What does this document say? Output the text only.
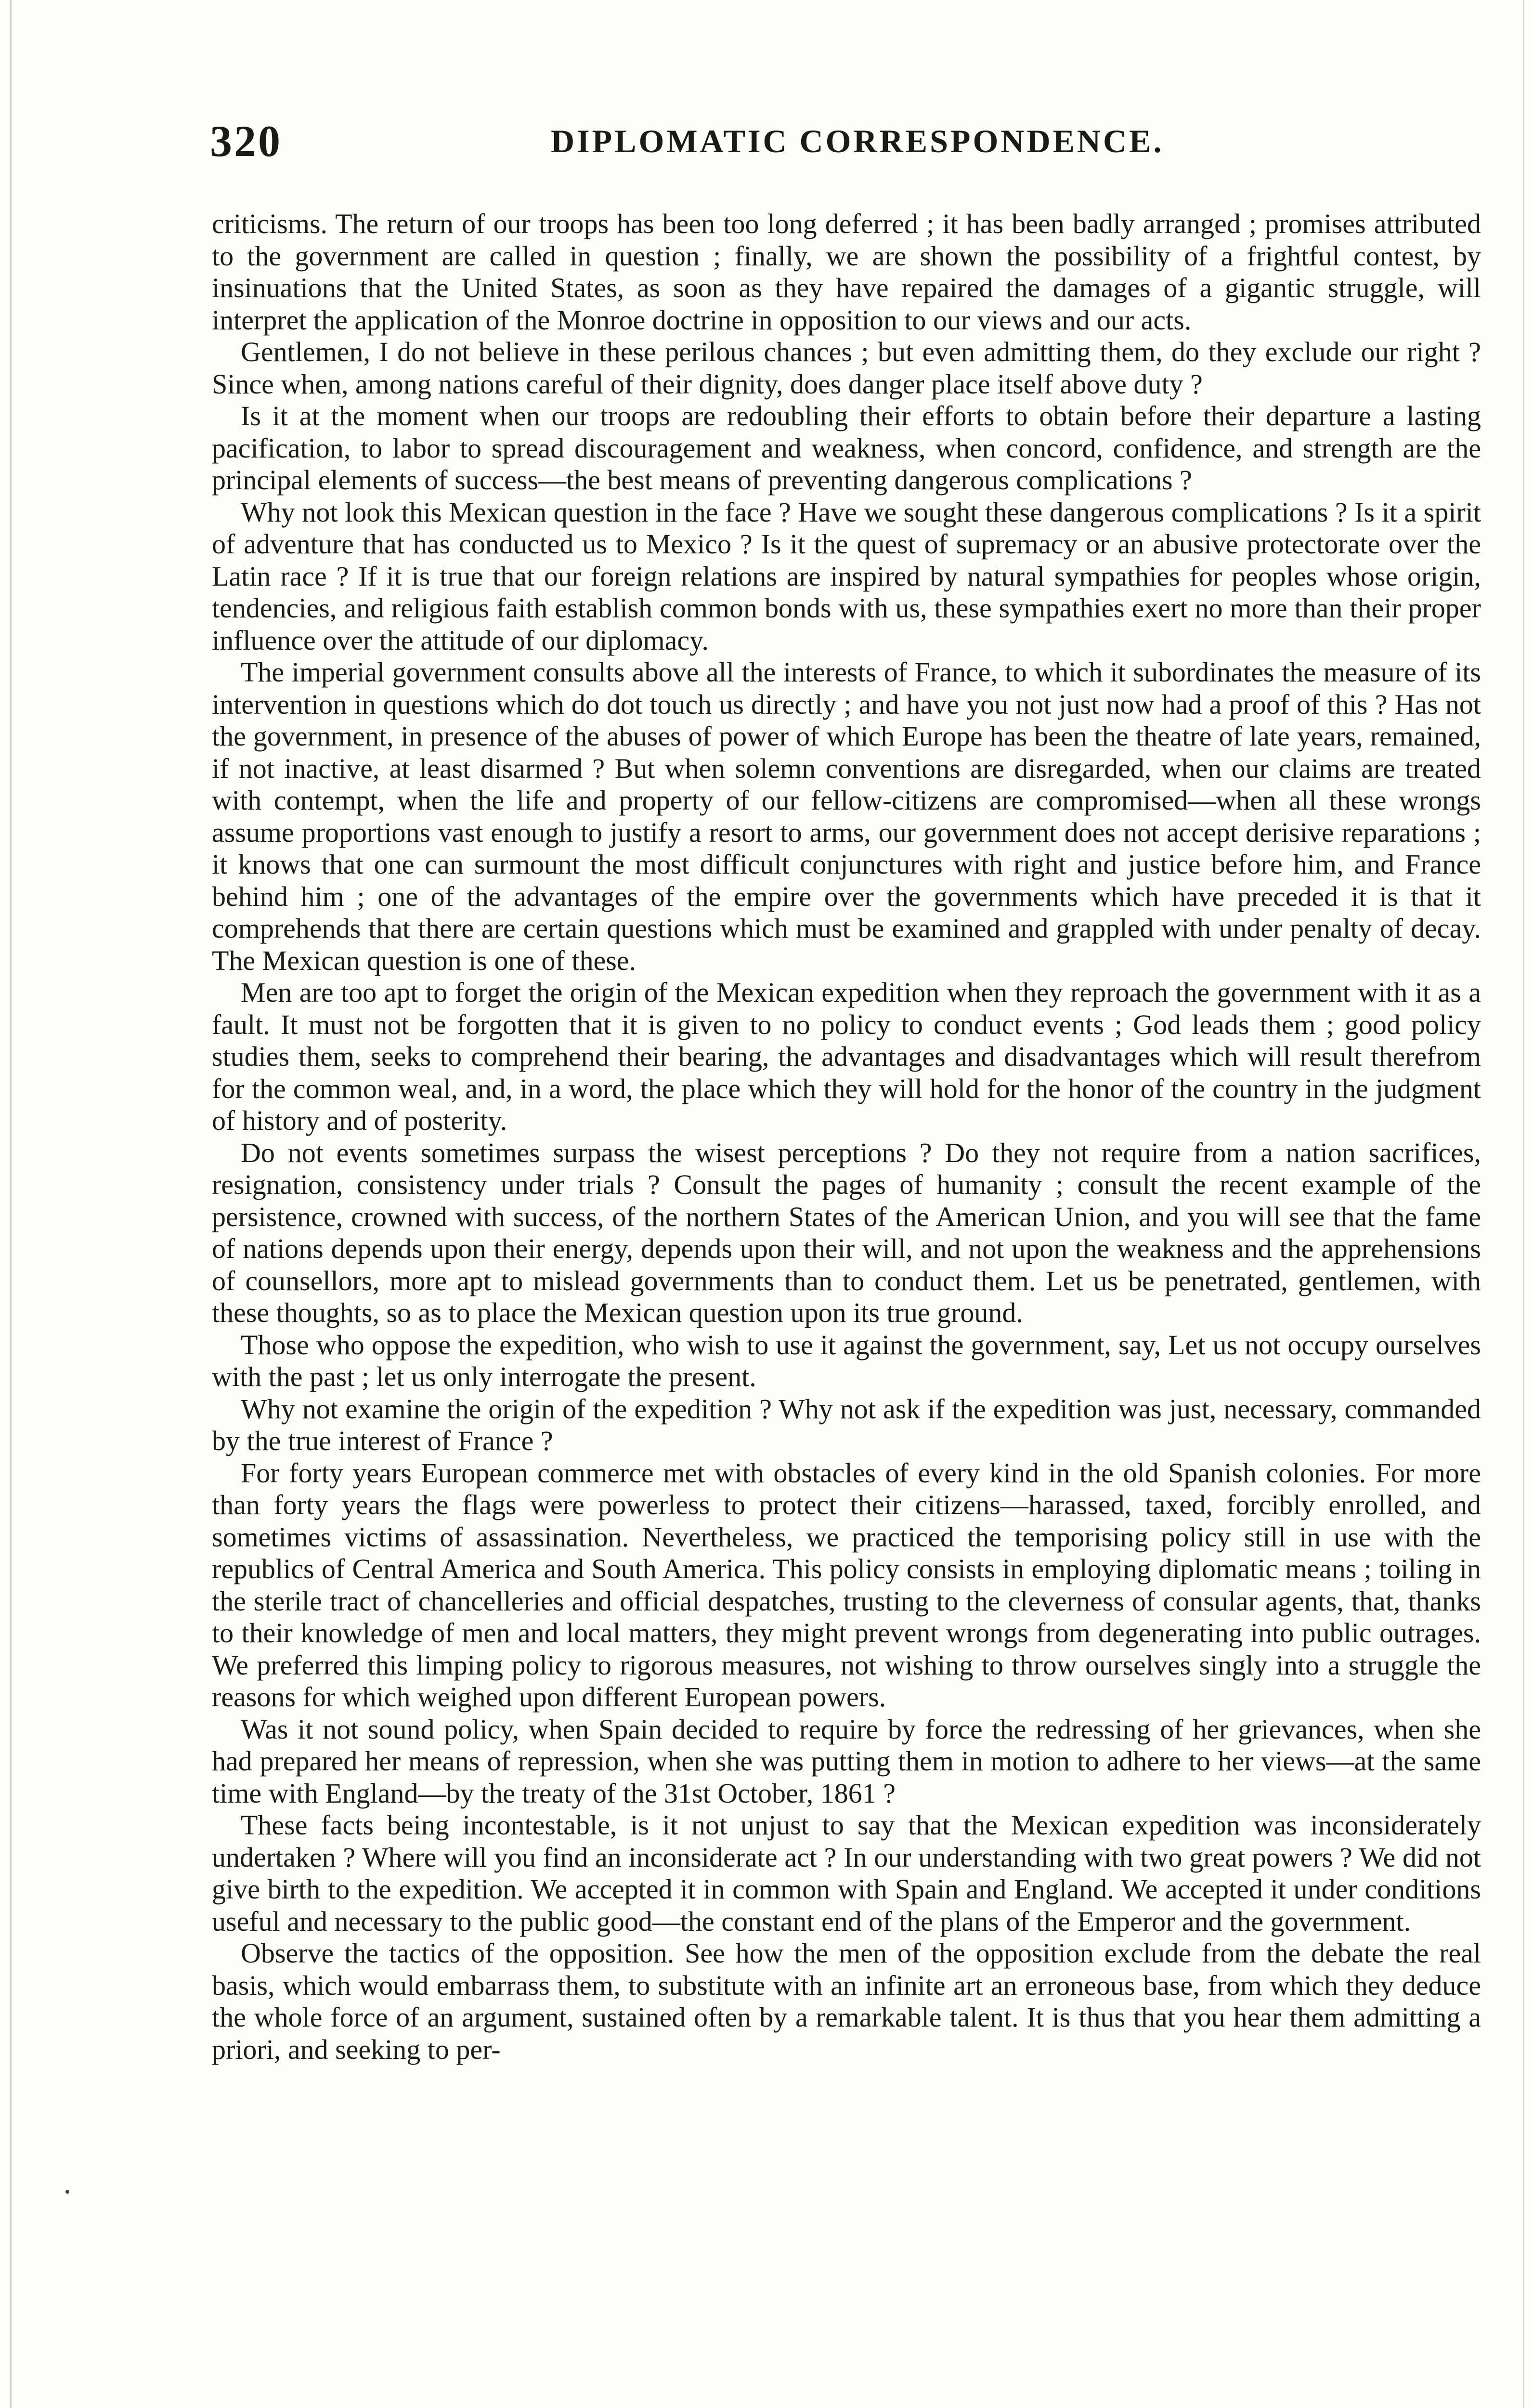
320	DIPLOMATIC CORRESPONDENCE.

criticisms. The return of our troops has been too long deferred ; it has been badly arranged ; promises attributed to the government are called in question ; finally, we are shown the possibility of a frightful contest, by insinuations that the United States, as soon as they have repaired the damages of a gigantic struggle, will interpret the application of the Monroe doctrine in opposition to our views and our acts.

Gentlemen, I do not believe in these perilous chances ; but even admitting them, do they exclude our right ? Since when, among nations careful of their dignity, does danger place itself above duty ?

Is it at the moment when our troops are redoubling their efforts to obtain before their departure a lasting pacification, to labor to spread discouragement and weakness, when concord, confidence, and strength are the principal elements of success—the best means of preventing dangerous complications ?

Why not look this Mexican question in the face ? Have we sought these dangerous complications ? Is it a spirit of adventure that has conducted us to Mexico ? Is it the quest of supremacy or an abusive protectorate over the Latin race ? If it is true that our foreign relations are inspired by natural sympathies for peoples whose origin, tendencies, and religious faith establish common bonds with us, these sympathies exert no more than their proper influence over the attitude of our diplomacy.

The imperial government consults above all the interests of France, to which it subordinates the measure of its intervention in questions which do dot touch us directly ; and have you not just now had a proof of this ? Has not the government, in presence of the abuses of power of which Europe has been the theatre of late years, remained, if not inactive, at least disarmed ? But when solemn conventions are disregarded, when our claims are treated with contempt, when the life and property of our fellow-citizens are compromised—when all these wrongs assume proportions vast enough to justify a resort to arms, our government does not accept derisive reparations ; it knows that one can surmount the most difficult conjunctures with right and justice before him, and France behind him ; one of the advantages of the empire over the governments which have preceded it is that it comprehends that there are certain questions which must be examined and grappled with under penalty of decay. The Mexican question is one of these.

Men are too apt to forget the origin of the Mexican expedition when they reproach the government with it as a fault. It must not be forgotten that it is given to no policy to conduct events ; God leads them ; good policy studies them, seeks to comprehend their bearing, the advantages and disadvantages which will result therefrom for the common weal, and, in a word, the place which they will hold for the honor of the country in the judgment of history and of posterity.

Do not events sometimes surpass the wisest perceptions ? Do they not require from a nation sacrifices, resignation, consistency under trials ? Consult the pages of humanity ; consult the recent example of the persistence, crowned with success, of the northern States of the American Union, and you will see that the fame of nations depends upon their energy, depends upon their will, and not upon the weakness and the apprehensions of counsellors, more apt to mislead governments than to conduct them. Let us be penetrated, gentlemen, with these thoughts, so as to place the Mexican question upon its true ground.

Those who oppose the expedition, who wish to use it against the government, say, Let us not occupy ourselves with the past ; let us only interrogate the present.

Why not examine the origin of the expedition ? Why not ask if the expedition was just, necessary, commanded by the true interest of France ?

For forty years European commerce met with obstacles of every kind in the old Spanish colonies. For more than forty years the flags were powerless to protect their citizens—harassed, taxed, forcibly enrolled, and sometimes victims of assassination. Nevertheless, we practiced the temporising policy still in use with the republics of Central America and South America. This policy consists in employing diplomatic means ; toiling in the sterile tract of chancelleries and official despatches, trusting to the cleverness of consular agents, that, thanks to their knowledge of men and local matters, they might prevent wrongs from degenerating into public outrages. We preferred this limping policy to rigorous measures, not wishing to throw ourselves singly into a struggle the reasons for which weighed upon different European powers.

Was it not sound policy, when Spain decided to require by force the redressing of her grievances, when she had prepared her means of repression, when she was putting them in motion to adhere to her views—at the same time with England—by the treaty of the 31st October, 1861 ?

These facts being incontestable, is it not unjust to say that the Mexican expedition was inconsiderately undertaken ? Where will you find an inconsiderate act ? In our understanding with two great powers ? We did not give birth to the expedition. We accepted it in common with Spain and England. We accepted it under conditions useful and necessary to the public good—the constant end of the plans of the Emperor and the government.

Observe the tactics of the opposition. See how the men of the opposition exclude from the debate the real basis, which would embarrass them, to substitute with an infinite art an erroneous base, from which they deduce the whole force of an argument, sustained often by a remarkable talent. It is thus that you hear them admitting a priori, and seeking to per-
